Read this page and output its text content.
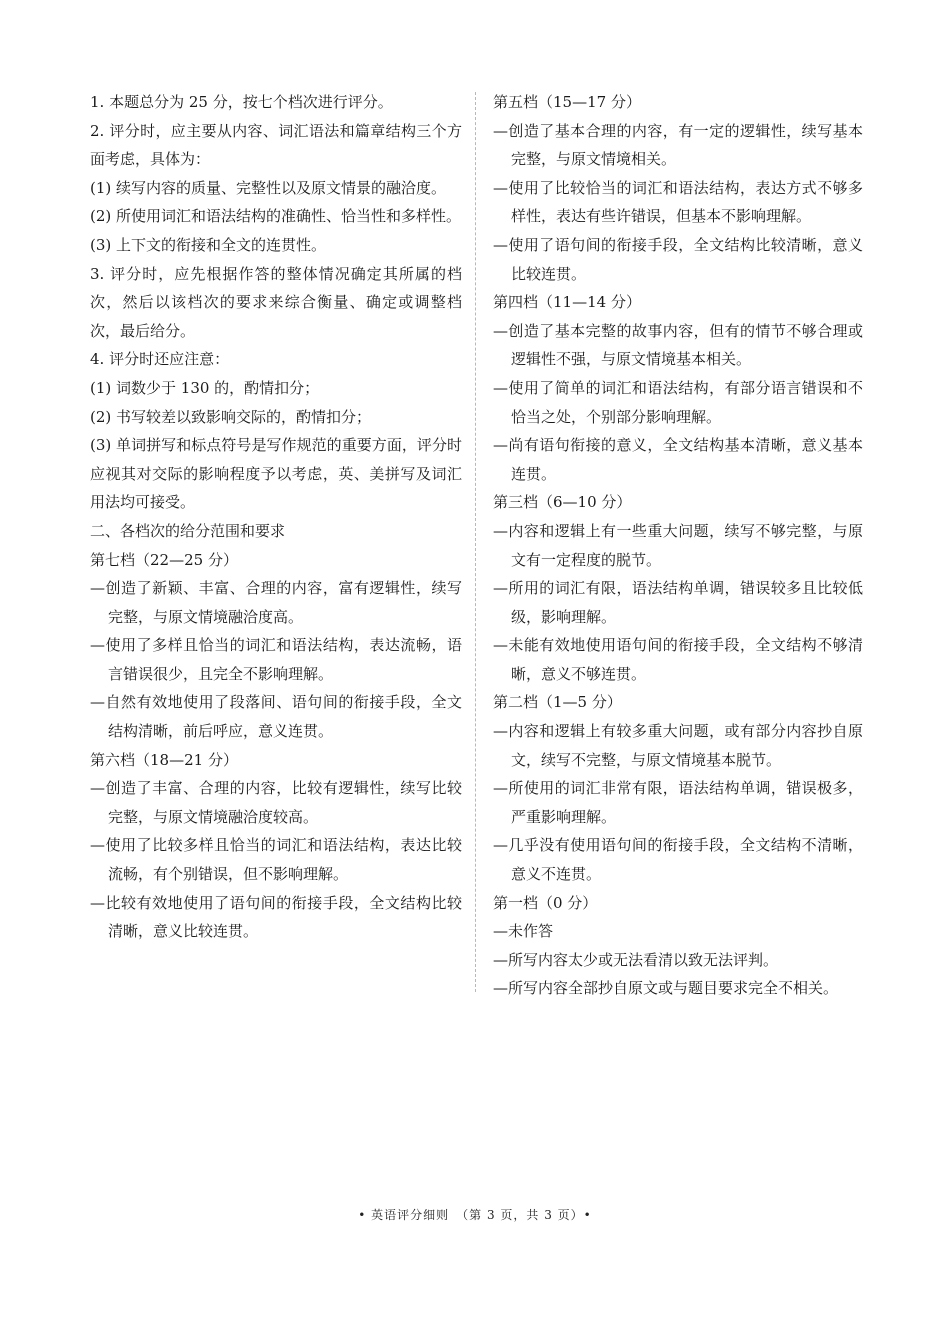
1. 本题总分为 25 分，按七个档次进行评分。

2. 评分时，应主要从内容、词汇语法和篇章结构三个方面考虑，具体为：

(1) 续写内容的质量、完整性以及原文情景的融洽度。

(2) 所使用词汇和语法结构的准确性、恰当性和多样性。

(3) 上下文的衔接和全文的连贯性。

3. 评分时，应先根据作答的整体情况确定其所属的档次，然后以该档次的要求来综合衡量、确定或调整档次，最后给分。

4. 评分时还应注意：

(1) 词数少于 130 的，酌情扣分；

(2) 书写较差以致影响交际的，酌情扣分；

(3) 单词拼写和标点符号是写作规范的重要方面，评分时应视其对交际的影响程度予以考虑，英、美拼写及词汇用法均可接受。

二、各档次的给分范围和要求

第七档（22—25 分）

—创造了新颖、丰富、合理的内容，富有逻辑性，续写完整，与原文情境融洽度高。

—使用了多样且恰当的词汇和语法结构，表达流畅，语言错误很少，且完全不影响理解。

—自然有效地使用了段落间、语句间的衔接手段，全文结构清晰，前后呼应，意义连贯。

第六档（18—21 分）

—创造了丰富、合理的内容，比较有逻辑性，续写比较完整，与原文情境融洽度较高。

—使用了比较多样且恰当的词汇和语法结构，表达比较流畅，有个别错误，但不影响理解。

—比较有效地使用了语句间的衔接手段，全文结构比较清晰，意义比较连贯。

第五档（15—17 分）

—创造了基本合理的内容，有一定的逻辑性，续写基本完整，与原文情境相关。

—使用了比较恰当的词汇和语法结构，表达方式不够多样性，表达有些许错误，但基本不影响理解。

—使用了语句间的衔接手段，全文结构比较清晰，意义比较连贯。

第四档（11—14 分）

—创造了基本完整的故事内容，但有的情节不够合理或逻辑性不强，与原文情境基本相关。

—使用了简单的词汇和语法结构，有部分语言错误和不恰当之处，个别部分影响理解。

—尚有语句衔接的意义，全文结构基本清晰，意义基本连贯。

第三档（6—10 分）

—内容和逻辑上有一些重大问题，续写不够完整，与原文有一定程度的脱节。

—所用的词汇有限，语法结构单调，错误较多且比较低级，影响理解。

—未能有效地使用语句间的衔接手段，全文结构不够清晰，意义不够连贯。

第二档（1—5 分）

—内容和逻辑上有较多重大问题，或有部分内容抄自原文，续写不完整，与原文情境基本脱节。

—所使用的词汇非常有限，语法结构单调，错误极多，严重影响理解。

—几乎没有使用语句间的衔接手段，全文结构不清晰，意义不连贯。

第一档（0 分）

—未作答

—所写内容太少或无法看清以致无法评判。

—所写内容全部抄自原文或与题目要求完全不相关。

• 英语评分细则　（第 3 页，共 3 页）•
